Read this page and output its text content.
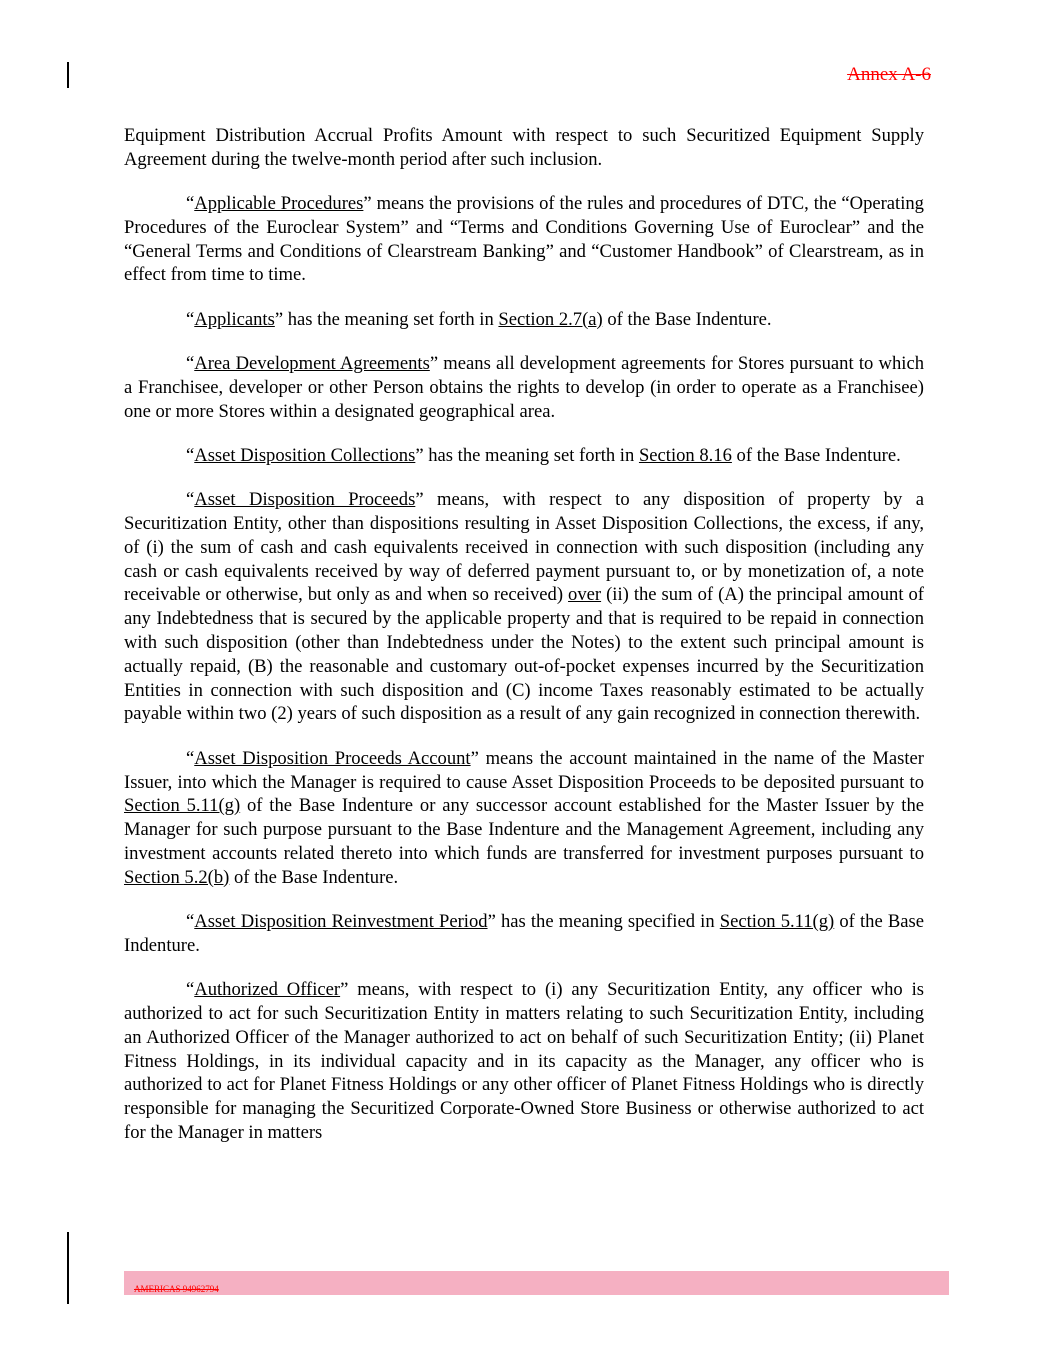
Annex A-6

Equipment Distribution Accrual Profits Amount with respect to such Securitized Equipment Supply Agreement during the twelve-month period after such inclusion.

“Applicable Procedures” means the provisions of the rules and procedures of DTC, the “Operating Procedures of the Euroclear System” and “Terms and Conditions Governing Use of Euroclear” and the “General Terms and Conditions of Clearstream Banking” and “Customer Handbook” of Clearstream, as in effect from time to time.

“Applicants” has the meaning set forth in Section 2.7(a) of the Base Indenture.

“Area Development Agreements” means all development agreements for Stores pursuant to which a Franchisee, developer or other Person obtains the rights to develop (in order to operate as a Franchisee) one or more Stores within a designated geographical area.

“Asset Disposition Collections” has the meaning set forth in Section 8.16 of the Base Indenture.

“Asset Disposition Proceeds” means, with respect to any disposition of property by a Securitization Entity, other than dispositions resulting in Asset Disposition Collections, the excess, if any, of (i) the sum of cash and cash equivalents received in connection with such disposition (including any cash or cash equivalents received by way of deferred payment pursuant to, or by monetization of, a note receivable or otherwise, but only as and when so received) over (ii) the sum of (A) the principal amount of any Indebtedness that is secured by the applicable property and that is required to be repaid in connection with such disposition (other than Indebtedness under the Notes) to the extent such principal amount is actually repaid, (B) the reasonable and customary out-of-pocket expenses incurred by the Securitization Entities in connection with such disposition and (C) income Taxes reasonably estimated to be actually payable within two (2) years of such disposition as a result of any gain recognized in connection therewith.

“Asset Disposition Proceeds Account” means the account maintained in the name of the Master Issuer, into which the Manager is required to cause Asset Disposition Proceeds to be deposited pursuant to Section 5.11(g) of the Base Indenture or any successor account established for the Master Issuer by the Manager for such purpose pursuant to the Base Indenture and the Management Agreement, including any investment accounts related thereto into which funds are transferred for investment purposes pursuant to Section 5.2(b) of the Base Indenture.

“Asset Disposition Reinvestment Period” has the meaning specified in Section 5.11(g) of the Base Indenture.

“Authorized Officer” means, with respect to (i) any Securitization Entity, any officer who is authorized to act for such Securitization Entity in matters relating to such Securitization Entity, including an Authorized Officer of the Manager authorized to act on behalf of such Securitization Entity; (ii) Planet Fitness Holdings, in its individual capacity and in its capacity as the Manager, any officer who is authorized to act for Planet Fitness Holdings or any other officer of Planet Fitness Holdings who is directly responsible for managing the Securitized Corporate-Owned Store Business or otherwise authorized to act for the Manager in matters

AMERICAS 94962794
